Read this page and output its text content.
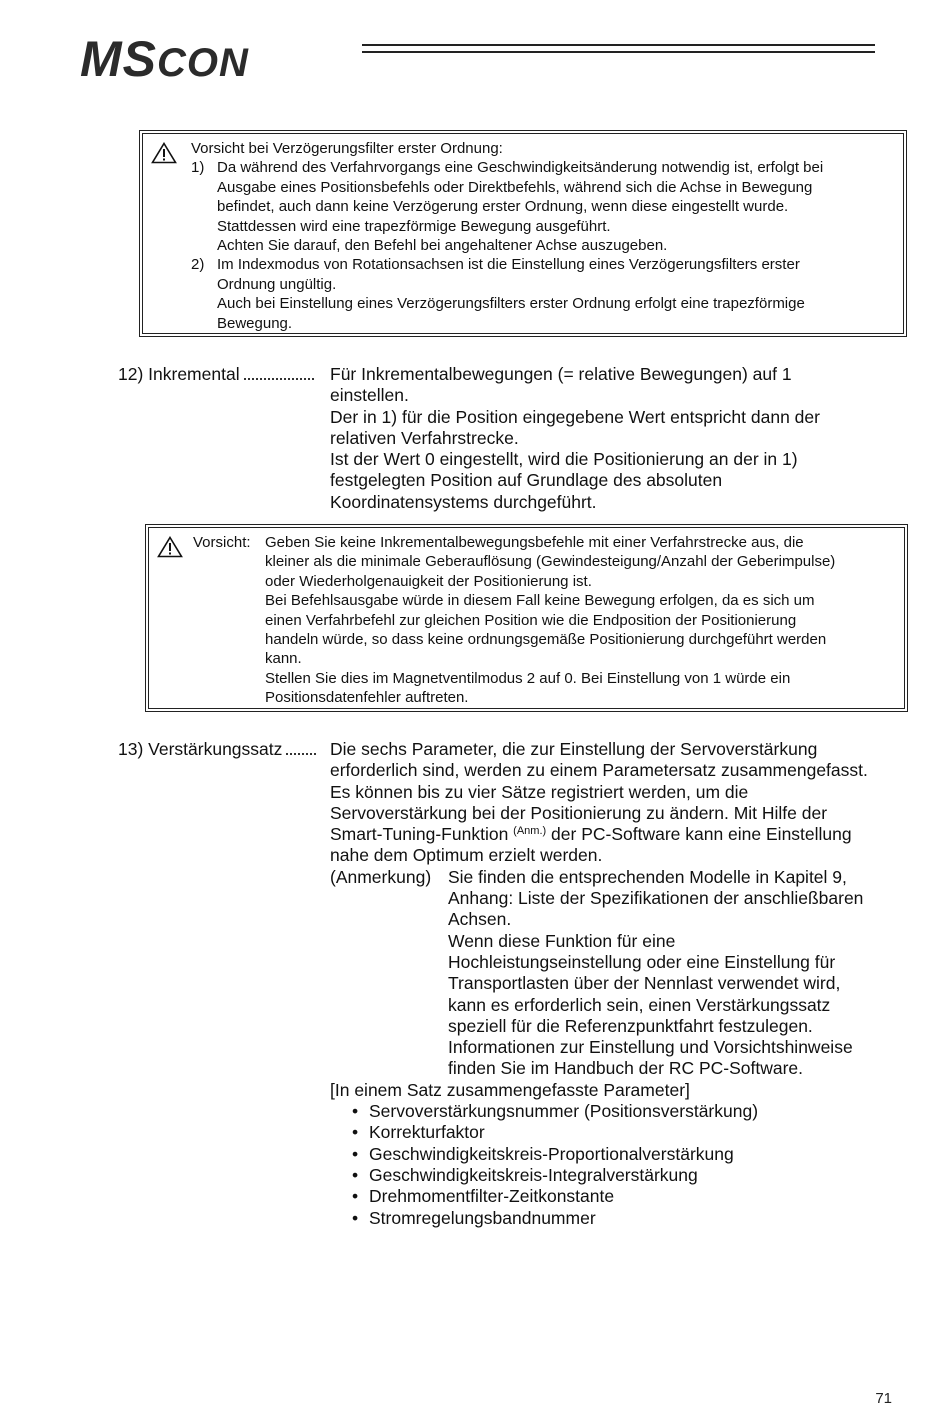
MSCON
Vorsicht bei Verzögerungsfilter erster Ordnung:
1) Da während des Verfahrvorgangs eine Geschwindigkeitsänderung notwendig ist, erfolgt bei
Ausgabe eines Positionsbefehls oder Direktbefehls, während sich die Achse in Bewegung
befindet, auch dann keine Verzögerung erster Ordnung, wenn diese eingestellt wurde.
Stattdessen wird eine trapezförmige Bewegung ausgeführt.
Achten Sie darauf, den Befehl bei angehaltener Achse auszugeben.
2) Im Indexmodus von Rotationsachsen ist die Einstellung eines Verzögerungsfilters erster
Ordnung ungültig.
Auch bei Einstellung eines Verzögerungsfilters erster Ordnung erfolgt eine trapezförmige
Bewegung.
12) Inkremental	Für Inkrementalbewegungen (= relative Bewegungen) auf 1
einstellen.
Der in 1) für die Position eingegebene Wert entspricht dann der
relativen Verfahrstrecke.
Ist der Wert 0 eingestellt, wird die Positionierung an der in 1)
festgelegten Position auf Grundlage des absoluten
Koordinatensystems durchgeführt.
Vorsicht: Geben Sie keine Inkrementalbewegungsbefehle mit einer Verfahrstrecke aus, die
kleiner als die minimale Geberauflösung (Gewindesteigung/Anzahl der Geberimpulse)
oder Wiederholgenauigkeit der Positionierung ist.
Bei Befehlsausgabe würde in diesem Fall keine Bewegung erfolgen, da es sich um
einen Verfahrbefehl zur gleichen Position wie die Endposition der Positionierung
handeln würde, so dass keine ordnungsgemäße Positionierung durchgeführt werden
kann.
Stellen Sie dies im Magnetventilmodus 2 auf 0. Bei Einstellung von 1 würde ein
Positionsdatenfehler auftreten.
13) Verstärkungssatz	Die sechs Parameter, die zur Einstellung der Servoverstärkung
erforderlich sind, werden zu einem Parametersatz zusammengefasst.
Es können bis zu vier Sätze registriert werden, um die
Servoverstärkung bei der Positionierung zu ändern. Mit Hilfe der
Smart-Tuning-Funktion $^{(Anm.)}$ der PC-Software kann eine Einstellung
nahe dem Optimum erzielt werden.
(Anmerkung) Sie finden die entsprechenden Modelle in Kapitel 9,
Anhang: Liste der Spezifikationen der anschließbaren
Achsen.
Wenn diese Funktion für eine
Hochleistungseinstellung oder eine Einstellung für
Transportlasten über der Nennlast verwendet wird,
kann es erforderlich sein, einen Verstärkungssatz
speziell für die Referenzpunktfahrt festzulegen.
Informationen zur Einstellung und Vorsichtshinweise
finden Sie im Handbuch der RC PC-Software.
[In einem Satz zusammengefasste Parameter]
• Servoverstärkungsnummer (Positionsverstärkung)
• Korrekturfaktor
• Geschwindigkeitskreis-Proportionalverstärkung
• Geschwindigkeitskreis-Integralverstärkung
• Drehmomentfilter-Zeitkonstante
• Stromregelungsbandnummer
71
